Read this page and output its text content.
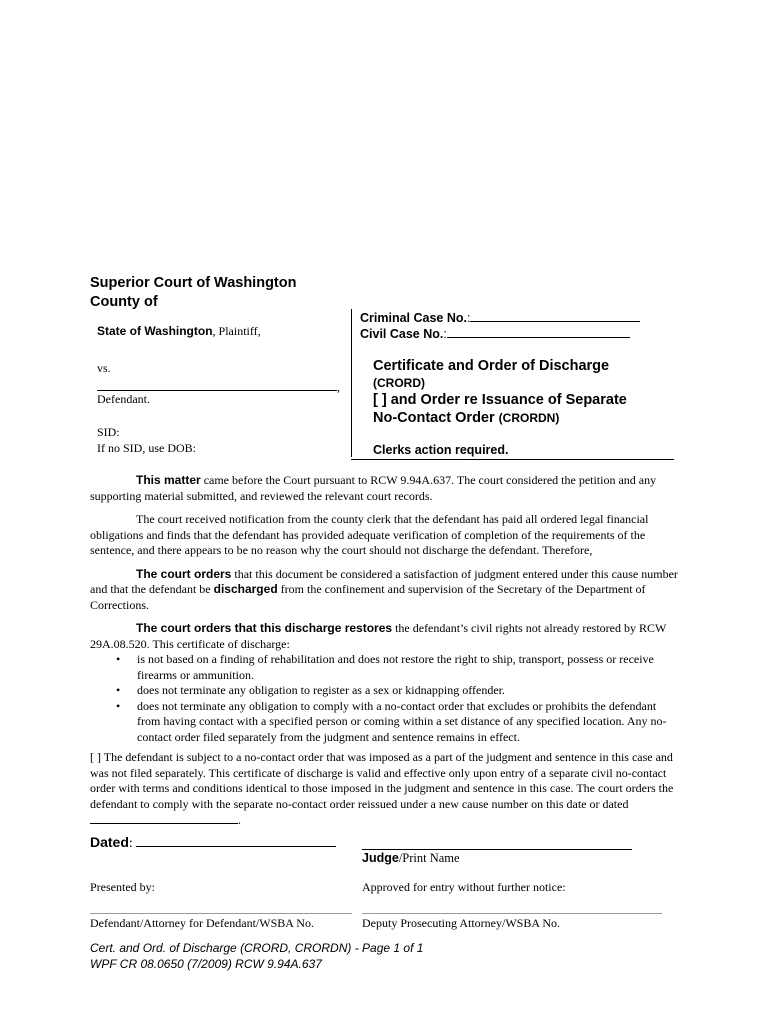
Superior Court of Washington
County of
State of Washington, Plaintiff,
vs.
,
Defendant.
SID:
If no SID, use DOB:
Criminal Case No.:
Civil Case No.:
Certificate and Order of Discharge
(CRORD)
[ ] and Order re Issuance of Separate
No-Contact Order (CRORDN)
Clerks action required.

This matter came before the Court pursuant to RCW 9.94A.637. The court considered the petition and any supporting material submitted, and reviewed the relevant court records.

The court received notification from the county clerk that the defendant has paid all ordered legal financial obligations and finds that the defendant has provided adequate verification of completion of the requirements of the sentence, and there appears to be no reason why the court should not discharge the defendant. Therefore,

The court orders that this document be considered a satisfaction of judgment entered under this cause number and that the defendant be discharged from the confinement and supervision of the Secretary of the Department of Corrections.

The court orders that this discharge restores the defendant’s civil rights not already restored by RCW 29A.08.520. This certificate of discharge:

• is not based on a finding of rehabilitation and does not restore the right to ship, transport, possess or receive firearms or ammunition.
• does not terminate any obligation to register as a sex or kidnapping offender.
• does not terminate any obligation to comply with a no-contact order that excludes or prohibits the defendant from having contact with a specified person or coming within a set distance of any specified location. Any no-contact order filed separately from the judgment and sentence remains in effect.

[ ] The defendant is subject to a no-contact order that was imposed as a part of the judgment and sentence in this case and was not filed separately. This certificate of discharge is valid and effective only upon entry of a separate civil no-contact order with terms and conditions identical to those imposed in the judgment and sentence in this case. The court orders the defendant to comply with the separate no-contact order reissued under a new cause number on this date or dated .

Dated:
Judge/Print Name
Presented by:	Approved for entry without further notice:
Defendant/Attorney for Defendant/WSBA No.	Deputy Prosecuting Attorney/WSBA No.
Cert. and Ord. of Discharge (CRORD, CRORDN) - Page 1 of 1
WPF CR 08.0650 (7/2009) RCW 9.94A.637
